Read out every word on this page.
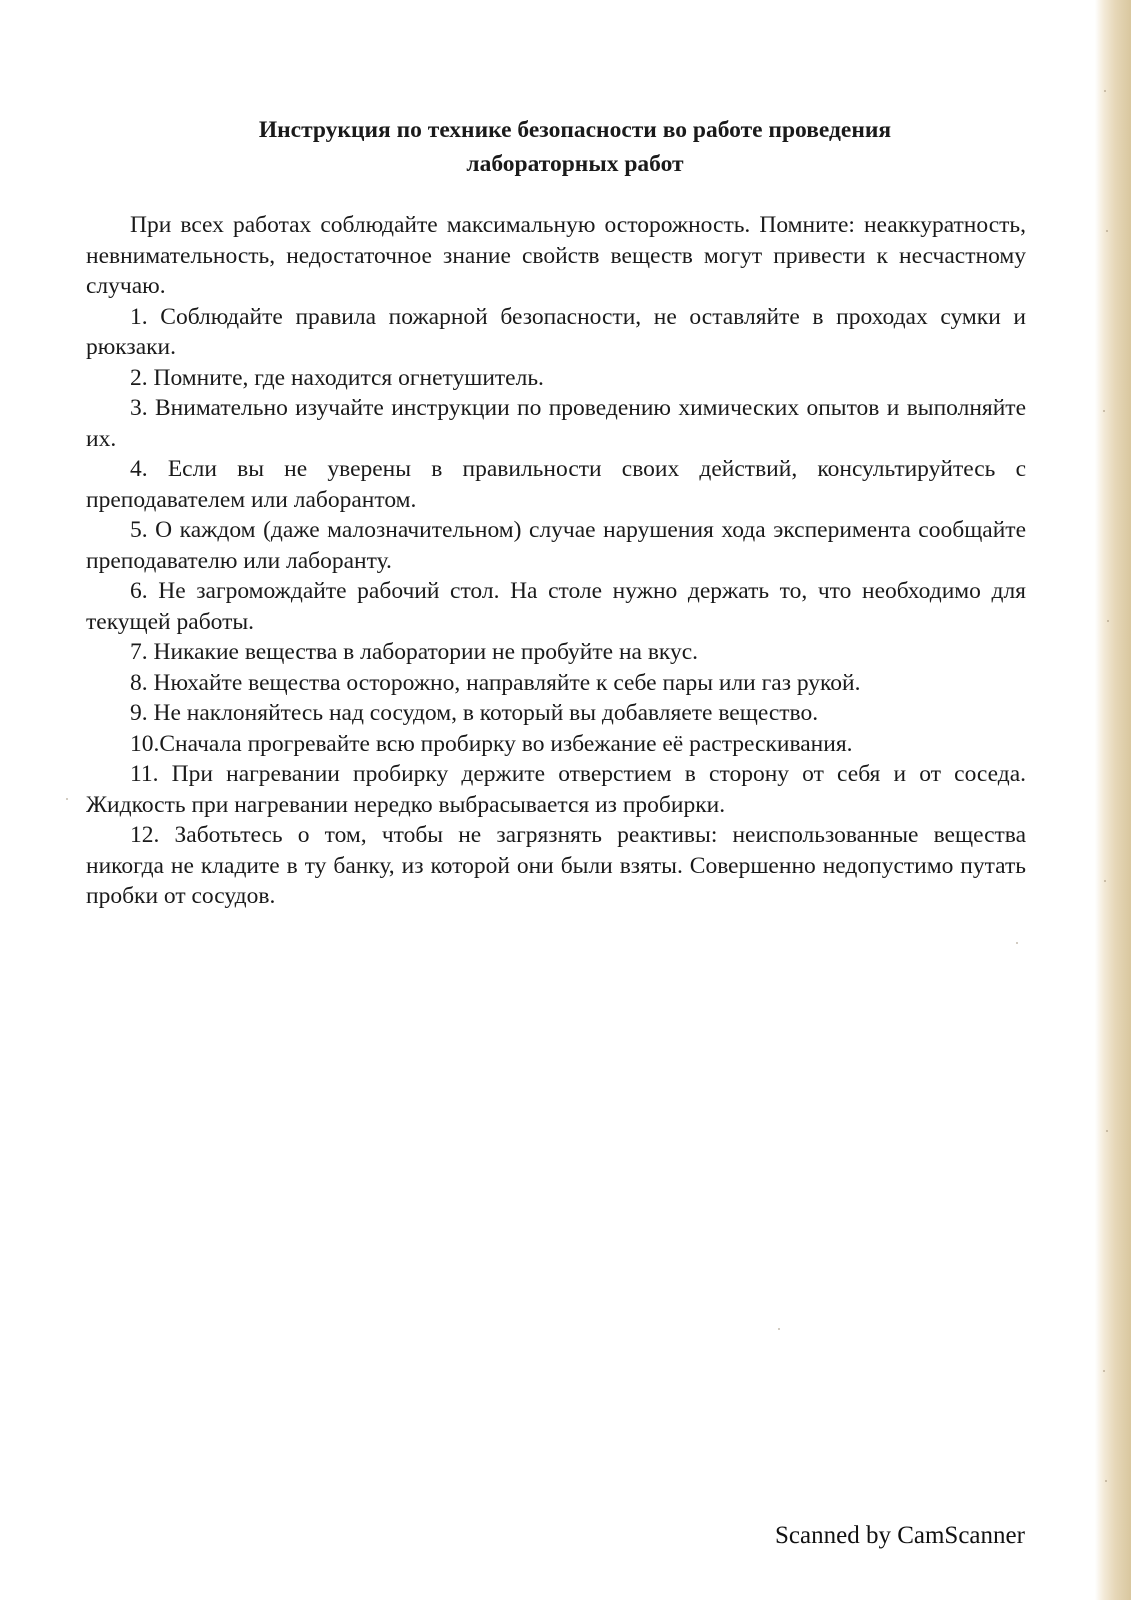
Инструкция по технике безопасности во работе проведения
лабораторных работ

При всех работах соблюдайте максимальную осторожность. Помните: неаккуратность, невнимательность, недостаточное знание свойств веществ могут привести к несчастному случаю.

1. Соблюдайте правила пожарной безопасности, не оставляйте в проходах сумки и рюкзаки.

2. Помните, где находится огнетушитель.

3. Внимательно изучайте инструкции по проведению химических опытов и выполняйте их.

4. Если вы не уверены в правильности своих действий, консультируйтесь с преподавателем или лаборантом.

5. О каждом (даже малозначительном) случае нарушения хода эксперимента сообщайте преподавателю или лаборанту.

6. Не загромождайте рабочий стол. На столе нужно держать то, что необходимо для текущей работы.

7. Никакие вещества в лаборатории не пробуйте на вкус.

8. Нюхайте вещества осторожно, направляйте к себе пары или газ рукой.

9. Не наклоняйтесь над сосудом, в который вы добавляете вещество.

10.Сначала прогревайте всю пробирку во избежание её растрескивания.

11. При нагревании пробирку держите отверстием в сторону от себя и от соседа. Жидкость при нагревании нередко выбрасывается из пробирки.

12. Заботьтесь о том, чтобы не загрязнять реактивы: неиспользованные вещества никогда не кладите в ту банку, из которой они были взяты. Совершенно недопустимо путать пробки от сосудов.

Scanned by CamScanner
